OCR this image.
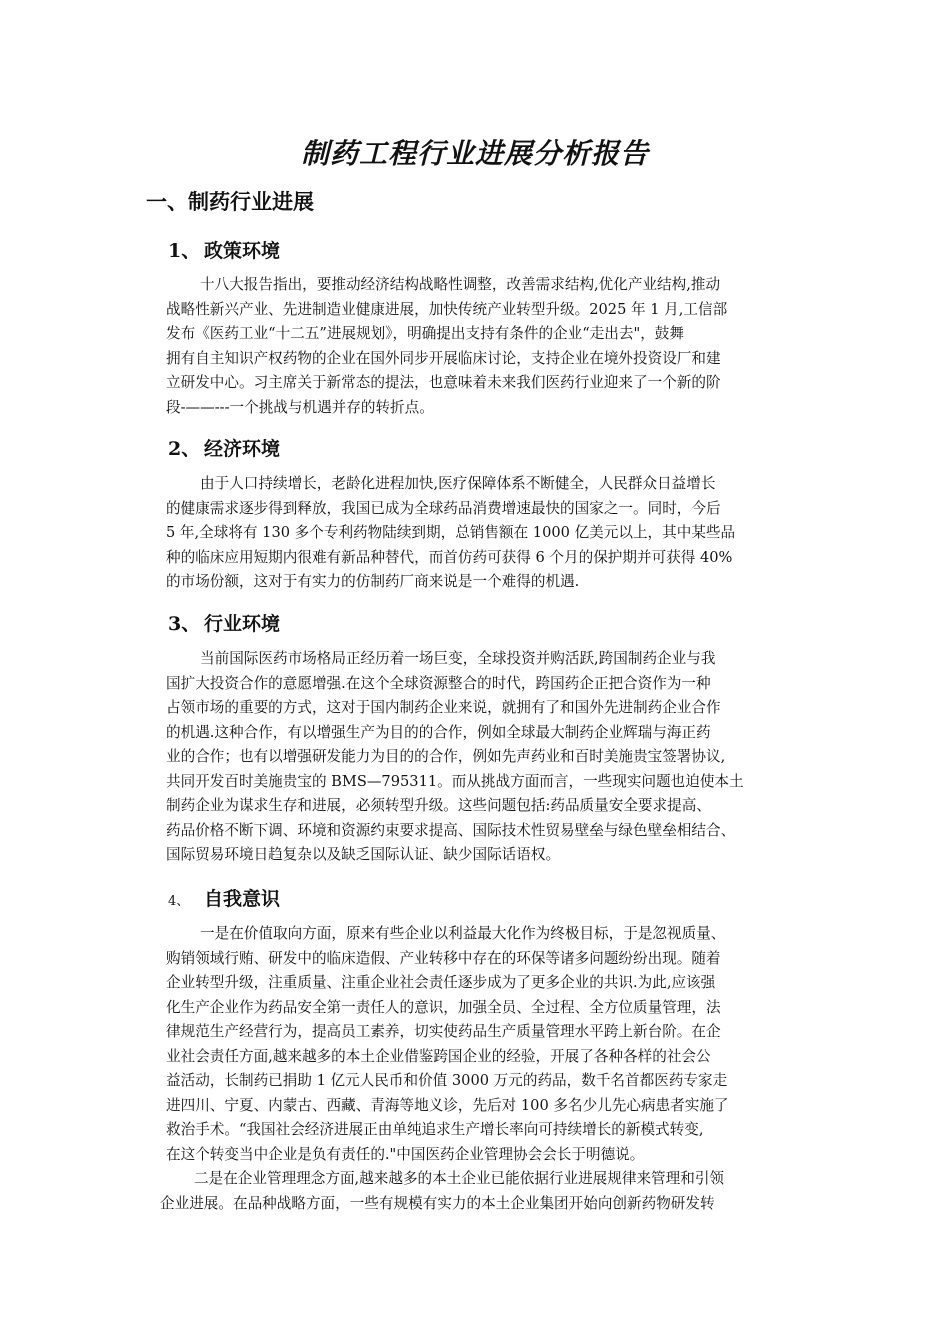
制药工程行业进展分析报告
一、制药行业进展
1、 政策环境
十八大报告指出，要推动经济结构战略性调整，改善需求结构,优化产业结构,推动
战略性新兴产业、先进制造业健康进展，加快传统产业转型升级。2025 年 1 月,工信部
发布《医药工业“十二五”进展规划》，明确提出支持有条件的企业“走出去"，鼓舞
拥有自主知识产权药物的企业在国外同步开展临床讨论，支持企业在境外投资设厂和建
立研发中心。习主席关于新常态的提法，也意味着未来我们医药行业迎来了一个新的阶
段-——---一个挑战与机遇并存的转折点。
2、 经济环境
由于人口持续增长，老龄化进程加快,医疗保障体系不断健全，人民群众日益增长
的健康需求逐步得到释放，我国已成为全球药品消费增速最快的国家之一。同时，今后
5 年,全球将有 130 多个专利药物陆续到期，总销售额在 1000 亿美元以上，其中某些品
种的临床应用短期内很难有新品种替代，而首仿药可获得 6 个月的保护期并可获得 40%
的市场份额，这对于有实力的仿制药厂商来说是一个难得的机遇.
3、 行业环境
当前国际医药市场格局正经历着一场巨变，全球投资并购活跃,跨国制药企业与我
国扩大投资合作的意愿增强.在这个全球资源整合的时代，跨国药企正把合资作为一种
占领市场的重要的方式，这对于国内制药企业来说，就拥有了和国外先进制药企业合作
的机遇.这种合作，有以增强生产为目的的合作，例如全球最大制药企业辉瑞与海正药
业的合作；也有以增强研发能力为目的的合作，例如先声药业和百时美施贵宝签署协议,
共同开发百时美施贵宝的 BMS—795311。而从挑战方面而言，一些现实问题也迫使本土
制药企业为谋求生存和进展，必须转型升级。这些问题包括:药品质量安全要求提高、
药品价格不断下调、环境和资源约束要求提高、国际技术性贸易壁垒与绿色壁垒相结合、
国际贸易环境日趋复杂以及缺乏国际认证、缺少国际话语权。
4、 自我意识
一是在价值取向方面，原来有些企业以利益最大化作为终极目标，于是忽视质量、
购销领域行贿、研发中的临床造假、产业转移中存在的环保等诸多问题纷纷出现。随着
企业转型升级，注重质量、注重企业社会责任逐步成为了更多企业的共识.为此,应该强
化生产企业作为药品安全第一责任人的意识，加强全员、全过程、全方位质量管理，法
律规范生产经营行为，提高员工素养，切实使药品生产质量管理水平跨上新台阶。在企
业社会责任方面,越来越多的本土企业借鉴跨国企业的经验，开展了各种各样的社会公
益活动，长制药已捐助 1 亿元人民币和价值 3000 万元的药品，数千名首都医药专家走
进四川、宁夏、内蒙古、西藏、青海等地义诊，先后对 100 多名少儿先心病患者实施了
救治手术。“我国社会经济进展正由单纯追求生产增长率向可持续增长的新模式转变,
在这个转变当中企业是负有责任的."中国医药企业管理协会会长于明德说。
二是在企业管理理念方面,越来越多的本土企业已能依据行业进展规律来管理和引领
企业进展。在品种战略方面，一些有规模有实力的本土企业集团开始向创新药物研发转
